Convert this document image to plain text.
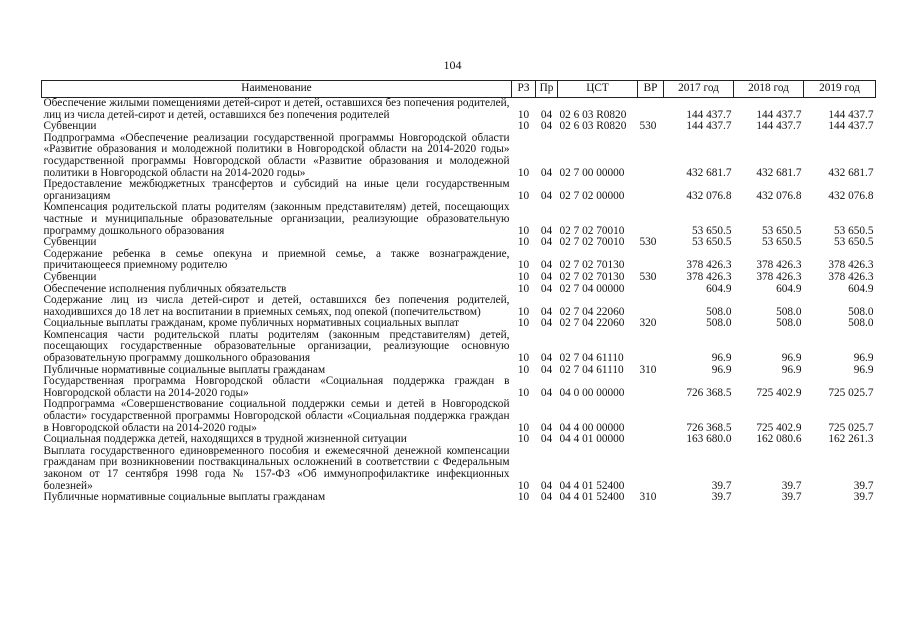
104
Наименование	РЗ	Пр	ЦСТ	ВР	2017 год	2018 год	2019 год
Обеспечение жилыми помещениями детей-сирот и детей, оставшихся без попечения родителей, лиц из числа детей-сирот и детей, оставшихся без попечения родителей	10	04	02 6 03 R0820		144 437.7	144 437.7	144 437.7
Субвенции	10	04	02 6 03 R0820	530	144 437.7	144 437.7	144 437.7
Подпрограмма «Обеспечение реализации государственной программы Новгородской области «Развитие образования и молодежной политики в Новгородской области на 2014-2020 годы» государственной программы Новгородской области «Развитие образования и молодежной политики в Новгородской области на 2014-2020 годы»	10	04	02 7 00 00000		432 681.7	432 681.7	432 681.7
Предоставление межбюджетных трансфертов и субсидий на иные цели государственным организациям	10	04	02 7 02 00000		432 076.8	432 076.8	432 076.8
Компенсация родительской платы родителям (законным представителям) детей, посещающих частные и муниципальные образовательные организации, реализующие образовательную программу дошкольного образования	10	04	02 7 02 70010		53 650.5	53 650.5	53 650.5
Субвенции	10	04	02 7 02 70010	530	53 650.5	53 650.5	53 650.5
Содержание ребенка в семье опекуна и приемной семье, а также вознаграждение, причитающееся приемному родителю	10	04	02 7 02 70130		378 426.3	378 426.3	378 426.3
Субвенции	10	04	02 7 02 70130	530	378 426.3	378 426.3	378 426.3
Обеспечение исполнения публичных обязательств	10	04	02 7 04 00000		604.9	604.9	604.9
Содержание лиц из числа детей-сирот и детей, оставшихся без попечения родителей, находившихся до 18 лет на воспитании в приемных семьях, под опекой (попечительством)	10	04	02 7 04 22060		508.0	508.0	508.0
Социальные выплаты гражданам, кроме публичных нормативных социальных выплат	10	04	02 7 04 22060	320	508.0	508.0	508.0
Компенсация части родительской платы родителям (законным представителям) детей, посещающих государственные образовательные организации, реализующие основную образовательную программу дошкольного образования	10	04	02 7 04 61110		96.9	96.9	96.9
Публичные нормативные социальные выплаты гражданам	10	04	02 7 04 61110	310	96.9	96.9	96.9
Государственная программа Новгородской области «Социальная поддержка граждан в Новгородской области на 2014-2020 годы»	10	04	04 0 00 00000		726 368.5	725 402.9	725 025.7
Подпрограмма «Совершенствование социальной поддержки семьи и детей в Новгородской области» государственной программы Новгородской области «Социальная поддержка граждан в Новгородской области на 2014-2020 годы»	10	04	04 4 00 00000		726 368.5	725 402.9	725 025.7
Социальная поддержка детей, находящихся в трудной жизненной ситуации	10	04	04 4 01 00000		163 680.0	162 080.6	162 261.3
Выплата государственного единовременного пособия и ежемесячной денежной компенсации гражданам при возникновении поствакцинальных осложнений в соответствии с Федеральным законом от 17 сентября 1998 года № 157-ФЗ «Об иммунопрофилактике инфекционных болезней»	10	04	04 4 01 52400		39.7	39.7	39.7
Публичные нормативные социальные выплаты гражданам	10	04	04 4 01 52400	310	39.7	39.7	39.7
